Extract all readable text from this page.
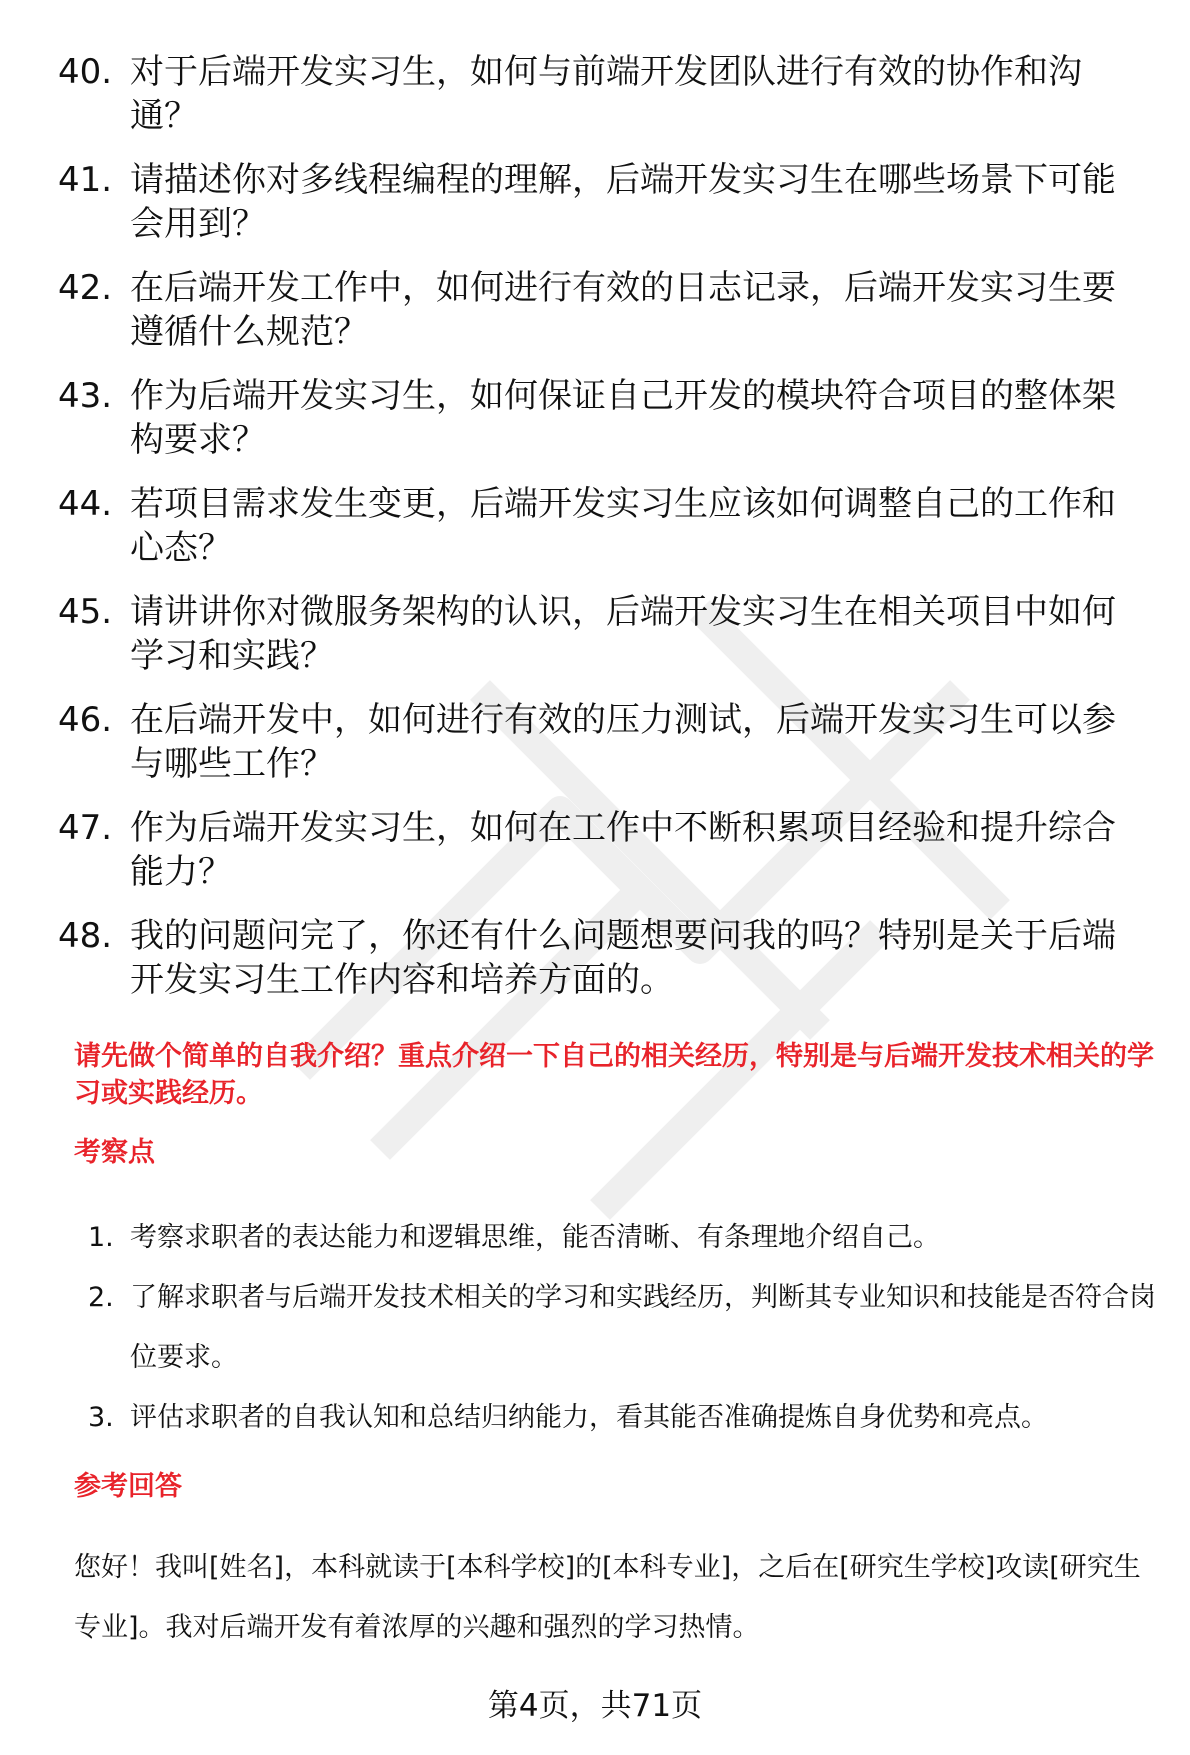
40. 对于后端开发实习生，如何与前端开发团队进行有效的协作和沟通？
41. 请描述你对多线程编程的理解，后端开发实习生在哪些场景下可能会用到？
42. 在后端开发工作中，如何进行有效的日志记录，后端开发实习生要遵循什么规范？
43. 作为后端开发实习生，如何保证自己开发的模块符合项目的整体架构要求？
44. 若项目需求发生变更，后端开发实习生应该如何调整自己的工作和心态？
45. 请讲讲你对微服务架构的认识，后端开发实习生在相关项目中如何学习和实践？
46. 在后端开发中，如何进行有效的压力测试，后端开发实习生可以参与哪些工作？
47. 作为后端开发实习生，如何在工作中不断积累项目经验和提升综合能力？
48. 我的问题问完了，你还有什么问题想要问我的吗？特别是关于后端开发实习生工作内容和培养方面的。
请先做个简单的自我介绍？重点介绍一下自己的相关经历，特别是与后端开发技术相关的学习或实践经历。
考察点
1. 考察求职者的表达能力和逻辑思维，能否清晰、有条理地介绍自己。
2. 了解求职者与后端开发技术相关的学习和实践经历，判断其专业知识和技能是否符合岗位要求。
3. 评估求职者的自我认知和总结归纳能力，看其能否准确提炼自身优势和亮点。
参考回答
您好！我叫[姓名]，本科就读于[本科学校]的[本科专业]，之后在[研究生学校]攻读[研究生专业]。我对后端开发有着浓厚的兴趣和强烈的学习热情。
第4页，共71页
